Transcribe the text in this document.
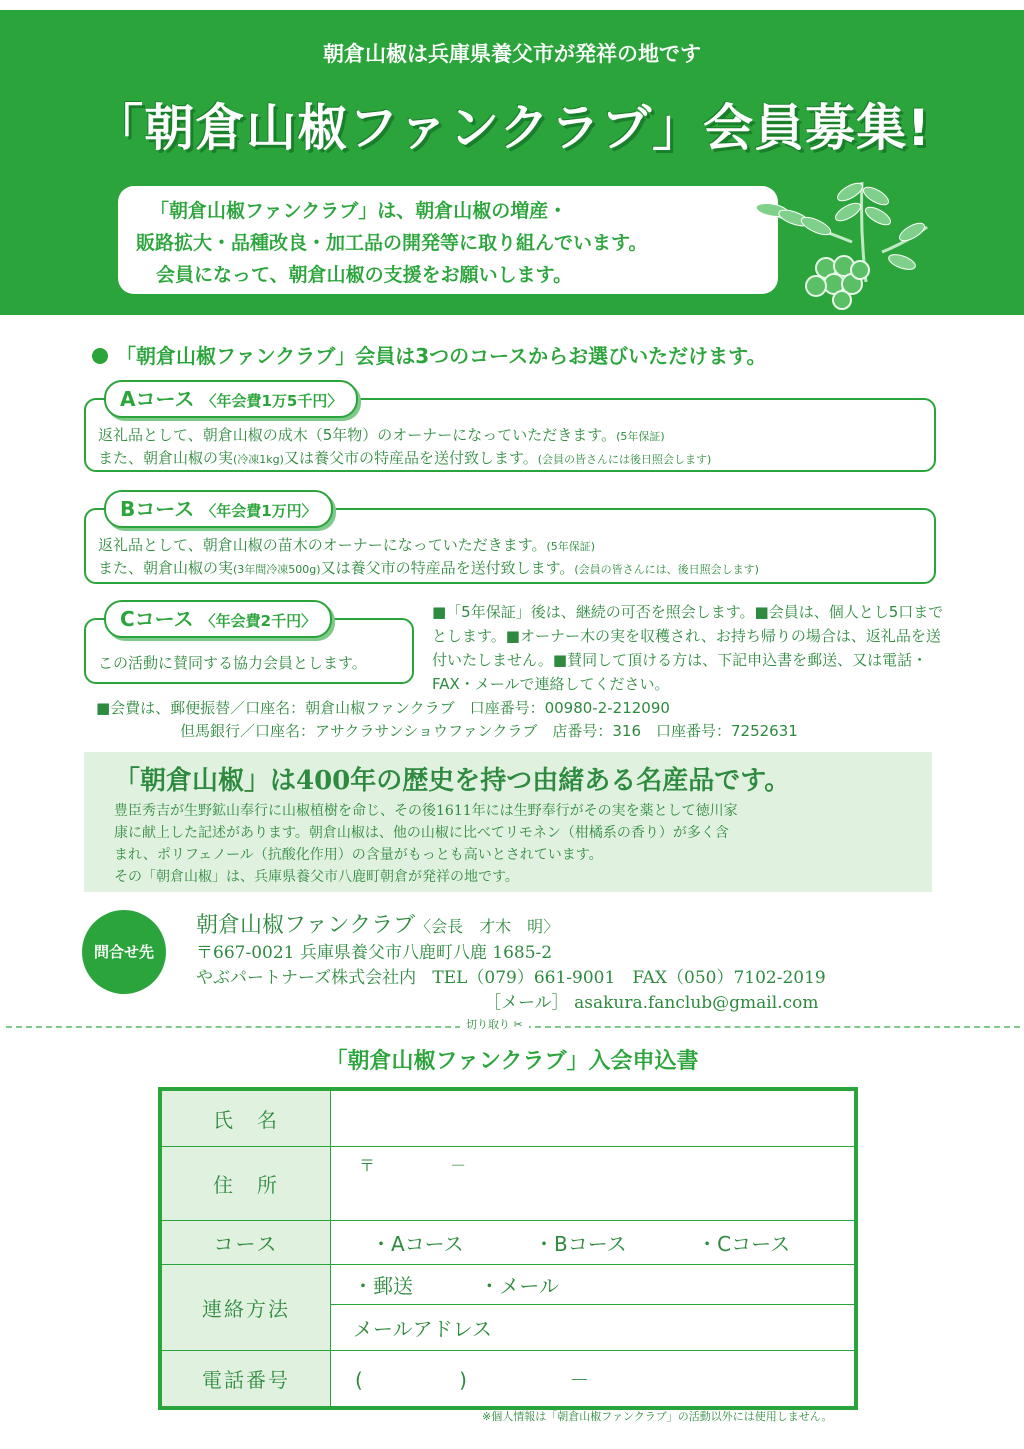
朝倉山椒は兵庫県養父市が発祥の地です
「朝倉山椒ファンクラブ」会員募集!
「朝倉山椒ファンクラブ」は、朝倉山椒の増産・
販路拡大・品種改良・加工品の開発等に取り組んでいます。
会員になって、朝倉山椒の支援をお願いします。
「朝倉山椒ファンクラブ」会員は3つのコースからお選びいただけます。
Aコース 〈年会費1万5千円〉
返礼品として、朝倉山椒の成木（5年物）のオーナーになっていただきます。(5年保証)
また、朝倉山椒の実(冷凍1kg)又は養父市の特産品を送付致します。(会員の皆さんには後日照会します)
Bコース 〈年会費1万円〉
返礼品として、朝倉山椒の苗木のオーナーになっていただきます。(5年保証)
また、朝倉山椒の実(3年間冷凍500g)又は養父市の特産品を送付致します。(会員の皆さんには、後日照会します)
Cコース 〈年会費2千円〉
この活動に賛同する協力会員とします。
■「5年保証」後は、継続の可否を照会します。■会員は、個人とし5口までとします。■オーナー木の実を収穫され、お持ち帰りの場合は、返礼品を送付いたしません。■賛同して頂ける方は、下記申込書を郵送、又は電話・FAX・メールで連絡してください。
■会費は、郵便振替／口座名：朝倉山椒ファンクラブ　口座番号：00980-2-212090
但馬銀行／口座名：アサクラサンショウファンクラブ　店番号：316　口座番号：7252631
「朝倉山椒」は400年の歴史を持つ由緒ある名産品です。
豊臣秀吉が生野鉱山奉行に山椒植樹を命じ、その後1611年には生野奉行がその実を薬として徳川家
康に献上した記述があります。朝倉山椒は、他の山椒に比べてリモネン（柑橘系の香り）が多く含
まれ、ポリフェノール（抗酸化作用）の含量がもっとも高いとされています。
その「朝倉山椒」は、兵庫県養父市八鹿町朝倉が発祥の地です。
問合せ先
朝倉山椒ファンクラブ〈会長　才木　明〉
〒667-0021 兵庫県養父市八鹿町八鹿 1685-2
やぶパートナーズ株式会社内 TEL（079）661-9001　FAX（050）7102-2019
［メール］ asakura.fanclub@gmail.com
切り取り ✂
「朝倉山椒ファンクラブ」入会申込書
氏　名	
住　所	〒 －
コース	・Aコース ・Bコース ・Cコース
連絡方法	・郵送 ・メール
	メールアドレス
電話番号	( ) －
※個人情報は「朝倉山椒ファンクラブ」の活動以外には使用しません。
